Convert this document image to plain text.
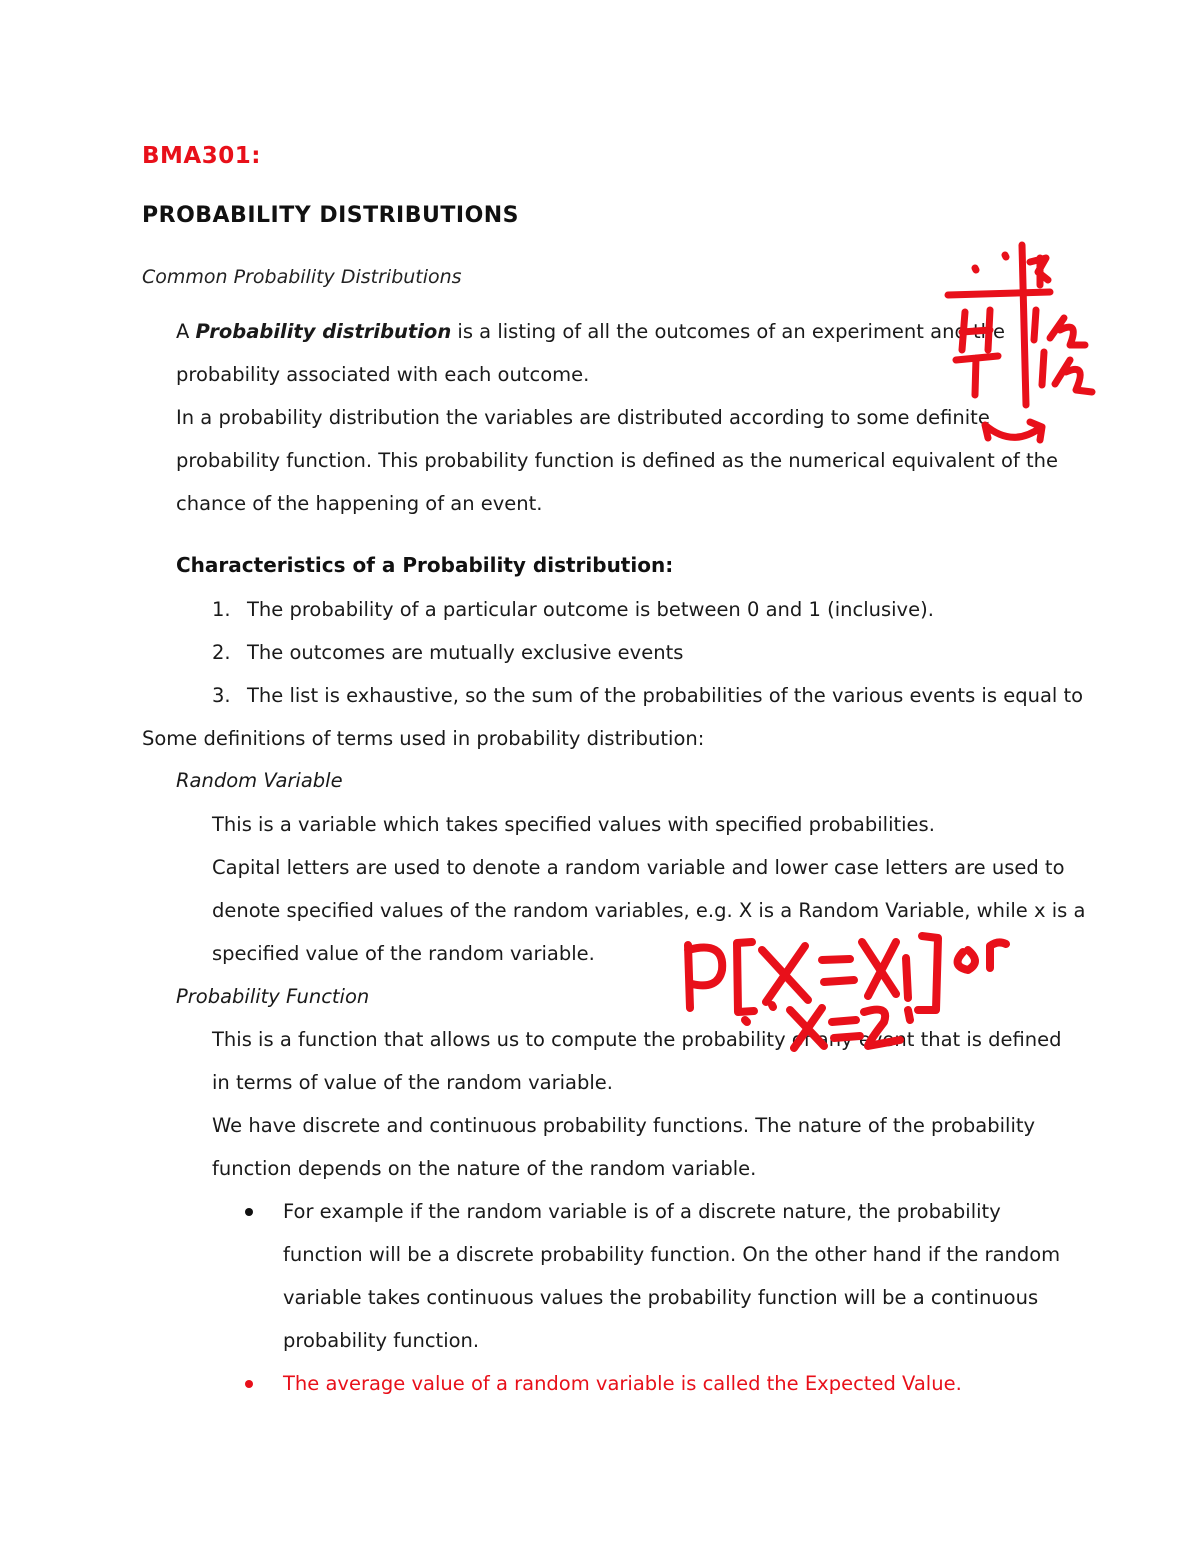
BMA301:
PROBABILITY DISTRIBUTIONS
Common Probability Distributions
A Probability distribution is a listing of all the outcomes of an experiment and the
probability associated with each outcome.
In a probability distribution the variables are distributed according to some definite
probability function. This probability function is defined as the numerical equivalent of the
chance of the happening of an event.
Characteristics of a Probability distribution:
1. The probability of a particular outcome is between 0 and 1 (inclusive).
2. The outcomes are mutually exclusive events
3. The list is exhaustive, so the sum of the probabilities of the various events is equal to
Some definitions of terms used in probability distribution:
Random Variable
This is a variable which takes specified values with specified probabilities.
Capital letters are used to denote a random variable and lower case letters are used to
denote specified values of the random variables, e.g. X is a Random Variable, while x is a
specified value of the random variable.
Probability Function
This is a function that allows us to compute the probability of any event that is defined
in terms of value of the random variable.
We have discrete and continuous probability functions. The nature of the probability
function depends on the nature of the random variable.
For example if the random variable is of a discrete nature, the probability
function will be a discrete probability function. On the other hand if the random
variable takes continuous values the probability function will be a continuous
probability function.
The average value of a random variable is called the Expected Value.
